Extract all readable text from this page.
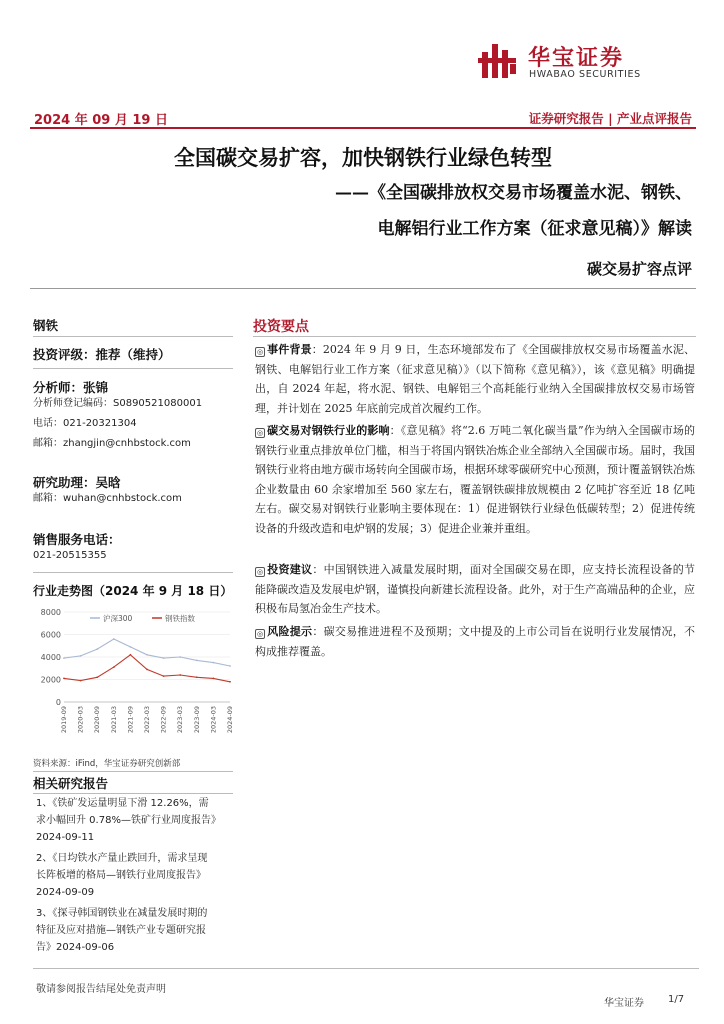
华宝证券
HWABAO SECURITIES
2024 年 09 月 19 日	证券研究报告 | 产业点评报告
全国碳交易扩容，加快钢铁行业绿色转型
——《全国碳排放权交易市场覆盖水泥、钢铁、
电解铝行业工作方案（征求意见稿）》解读
碳交易扩容点评
钢铁
投资评级：推荐（维持）
分析师：张锦
分析师登记编码：S0890521080001
电话：021-20321304
邮箱：zhangjin@cnhbstock.com
研究助理：吴晗
邮箱：wuhan@cnhbstock.com
销售服务电话：
021-20515355
行业走势图（2024 年 9 月 18 日）
0
2000
4000
6000
8000
2019-09 2020-03 2020-09 2021-03 2021-09 2022-03 2022-09 2023-03 2023-09 2024-03 2024-09
沪深300	钢铁指数
资料来源：iFind，华宝证券研究创新部
相关研究报告
1、《铁矿发运量明显下滑 12.26%，需
求小幅回升 0.78%—铁矿行业周度报告》
2024-09-11
2、《日均铁水产量止跌回升，需求呈现
长阵板增的格局—钢铁行业周度报告》
2024-09-09
3、《探寻韩国钢铁业在减量发展时期的
特征及应对措施—钢铁产业专题研究报
告》2024-09-06
投资要点
◎ 事件背景：2024 年 9 月 9 日，生态环境部发布了《全国碳排放权交易市场覆盖水泥、钢铁、电解铝行业工作方案（征求意见稿）》（以下简称《意见稿》），该《意见稿》明确提出，自 2024 年起，将水泥、钢铁、电解铝三个高耗能行业纳入全国碳排放权交易市场管理，并计划在 2025 年底前完成首次履约工作。
◎ 碳交易对钢铁行业的影响：《意见稿》将“2.6 万吨二氧化碳当量”作为纳入全国碳市场的钢铁行业重点排放单位门槛，相当于将国内钢铁冶炼企业全部纳入全国碳市场。届时，我国钢铁行业将由地方碳市场转向全国碳市场，根据环球零碳研究中心预测，预计覆盖钢铁冶炼企业数量由 60 余家增加至 560 家左右，覆盖钢铁碳排放规模由 2 亿吨扩容至近 18 亿吨左右。碳交易对钢铁行业影响主要体现在：1）促进钢铁行业绿色低碳转型；2）促进传统设备的升级改造和电炉钢的发展；3）促进企业兼并重组。
◎ 投资建议：中国钢铁进入减量发展时期，面对全国碳交易在即，应支持长流程设备的节能降碳改造及发展电炉钢，谨慎投向新建长流程设备。此外，对于生产高端品种的企业，应积极布局氢冶金生产技术。
◎ 风险提示：碳交易推进进程不及预期；文中提及的上市公司旨在说明行业发展情况，不构成推荐覆盖。
敬请参阅报告结尾处免责声明
华宝证券 1/7
